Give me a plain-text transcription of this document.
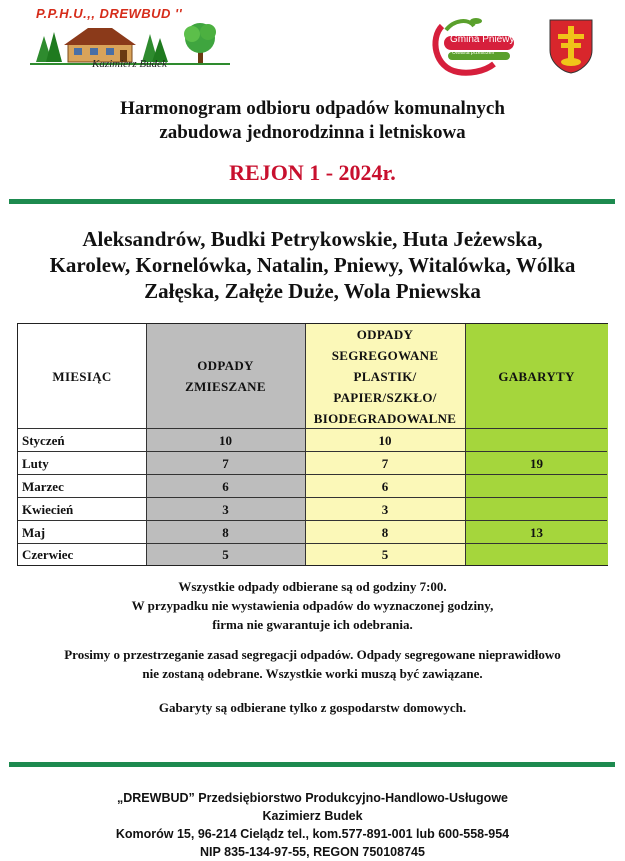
P.P.H.U.,, DREWBUD ''
Kazimierz Budek
Gmina Pniewy
Otwarta przestrzeń
Harmonogram odbioru odpadów komunalnych
zabudowa jednorodzinna i letniskowa
REJON 1 - 2024r.
Aleksandrów, Budki Petrykowskie, Huta Jeżewska,
Karolew, Kornelówka, Natalin, Pniewy, Witalówka, Wólka
Załęska, Załęże Duże, Wola Pniewska
MIESIĄC
ODPADY
ZMIESZANE
ODPADY
SEGREGOWANE
PLASTIK/
PAPIER/SZKŁO/
BIODEGRADOWALNE
GABARYTY
Styczeń	10	10
Luty	7	7	19
Marzec	6	6
Kwiecień	3	3
Maj	8	8	13
Czerwiec	5	5
Wszystkie odpady odbierane są od godziny 7:00.
W przypadku nie wystawienia odpadów do wyznaczonej godziny,
firma nie gwarantuje ich odebrania.
Prosimy o przestrzeganie zasad segregacji odpadów. Odpady segregowane nieprawidłowo
nie zostaną odebrane. Wszystkie worki muszą być zawiązane.
Gabaryty są odbierane tylko z gospodarstw domowych.
„DREWBUD” Przedsiębiorstwo Produkcyjno-Handlowo-Usługowe
Kazimierz Budek
Komorów 15, 96-214 Cielądz tel., kom.577-891-001 lub 600-558-954
NIP 835-134-97-55, REGON 750108745
